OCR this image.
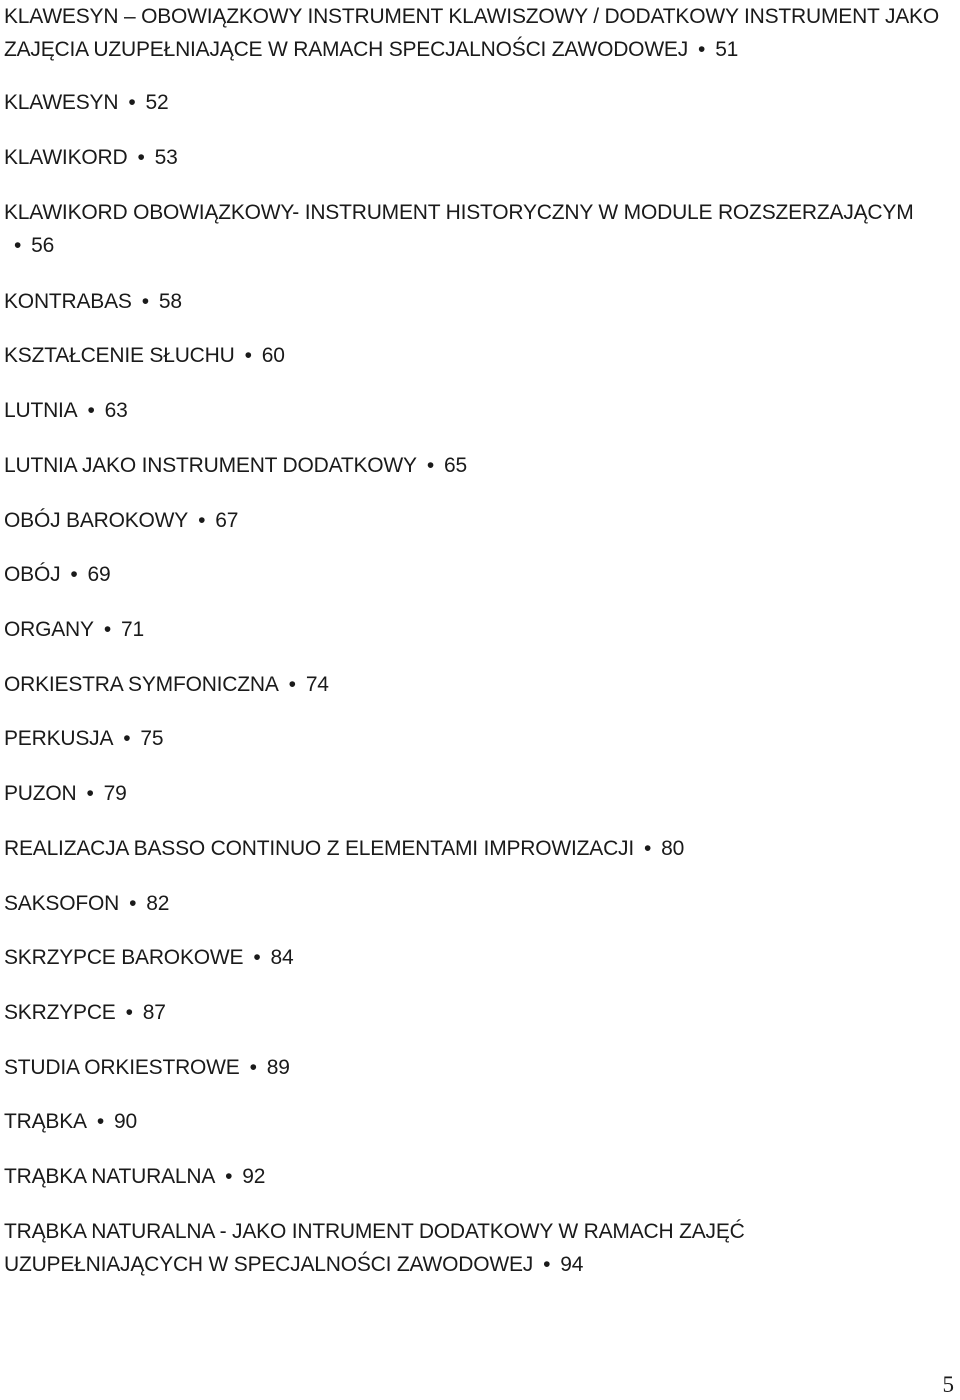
KLAWESYN – OBOWIĄZKOWY INSTRUMENT KLAWISZOWY / DODATKOWY INSTRUMENT JAKO ZAJĘCIA UZUPEŁNIAJĄCE W RAMACH SPECJALNOŚCI ZAWODOWEJ • 51
KLAWESYN • 52
KLAWIKORD • 53
KLAWIKORD OBOWIĄZKOWY- INSTRUMENT HISTORYCZNY W MODULE ROZSZERZAJĄCYM• 56
KONTRABAS • 58
KSZTAŁCENIE SŁUCHU • 60
LUTNIA • 63
LUTNIA JAKO INSTRUMENT DODATKOWY • 65
OBÓJ BAROKOWY • 67
OBÓJ • 69
ORGANY • 71
ORKIESTRA SYMFONICZNA • 74
PERKUSJA • 75
PUZON • 79
REALIZACJA BASSO CONTINUO Z ELEMENTAMI IMPROWIZACJI • 80
SAKSOFON • 82
SKRZYPCE BAROKOWE • 84
SKRZYPCE • 87
STUDIA ORKIESTROWE • 89
TRĄBKA • 90
TRĄBKA NATURALNA • 92
TRĄBKA NATURALNA - JAKO INTRUMENT DODATKOWY W RAMACH ZAJĘĆ UZUPEŁNIAJĄCYCH W SPECJALNOŚCI ZAWODOWEJ • 94
5
